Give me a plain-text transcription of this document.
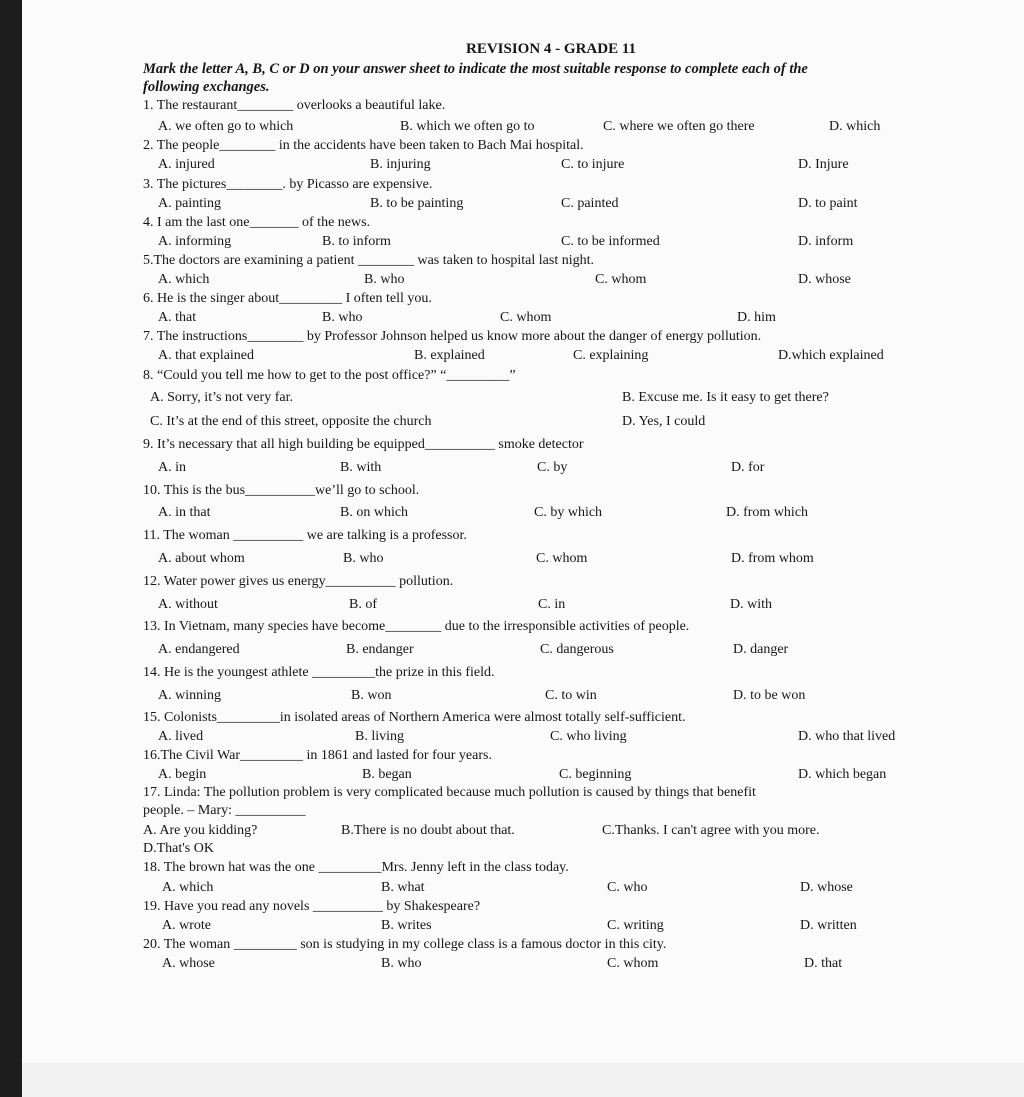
REVISION 4 - GRADE 11
Mark the letter A, B, C or D on your answer sheet to indicate the most suitable response to complete each of the
following exchanges.
1. The restaurant________ overlooks a beautiful lake.
A. we often go to which	B. which we often go to	C. where we often go there	D. which
2. The people________ in the accidents have been taken to Bach Mai hospital.
A. injured	B. injuring	C. to injure	D. Injure
3. The pictures________. by Picasso are expensive.
A. painting	B. to be painting	C. painted	D. to paint
4. I am the last one_______ of the news.
A. informing	B. to inform	C. to be informed	D. inform
5.The doctors are examining a patient ________ was taken to hospital last night.
A. which	B. who	C. whom	D. whose
6. He is the singer about_________ I often tell you.
A. that	B. who	C. whom	D. him
7. The instructions________ by Professor Johnson helped us know more about the danger of energy pollution.
A. that explained	B. explained	C. explaining	D.which explained
8. “Could you tell me how to get to the post office?” “_________”
A. Sorry, it’s not very far.	B. Excuse me. Is it easy to get there?
C. It’s at the end of this street, opposite the church	D. Yes, I could
9. It’s necessary that all high building be equipped__________ smoke detector
A. in	B. with	C. by	D. for
10. This is the bus__________we’ll go to school.
A. in that	B. on which	C. by which	D. from which
11. The woman __________ we are talking is a professor.
A. about whom	B. who	C. whom	D. from whom
12. Water power gives us energy__________ pollution.
A. without	B. of	C. in	D. with
13. In Vietnam, many species have become________ due to the irresponsible activities of people.
A. endangered	B. endanger	C. dangerous	D. danger
14. He is the youngest athlete _________the prize in this field.
A. winning	B. won	C. to win	D. to be won
15. Colonists_________in isolated areas of Northern America were almost totally self-sufficient.
A. lived	B. living	C. who living	D. who that lived
16.The Civil War_________ in 1861 and lasted for four years.
A. begin	B. began	C. beginning	D. which began
17. Linda: The pollution problem is very complicated because much pollution is caused by things that benefit
people. – Mary: __________
A. Are you kidding?	B.There is no doubt about that.	C.Thanks. I can't agree with you more.
D.That's OK
18. The brown hat was the one _________Mrs. Jenny left in the class today.
A. which	B. what	C. who	D. whose
19. Have you read any novels __________ by Shakespeare?
A. wrote	B. writes	C. writing	D. written
20. The woman _________ son is studying in my college class is a famous doctor in this city.
A. whose	B. who	C. whom	D. that
